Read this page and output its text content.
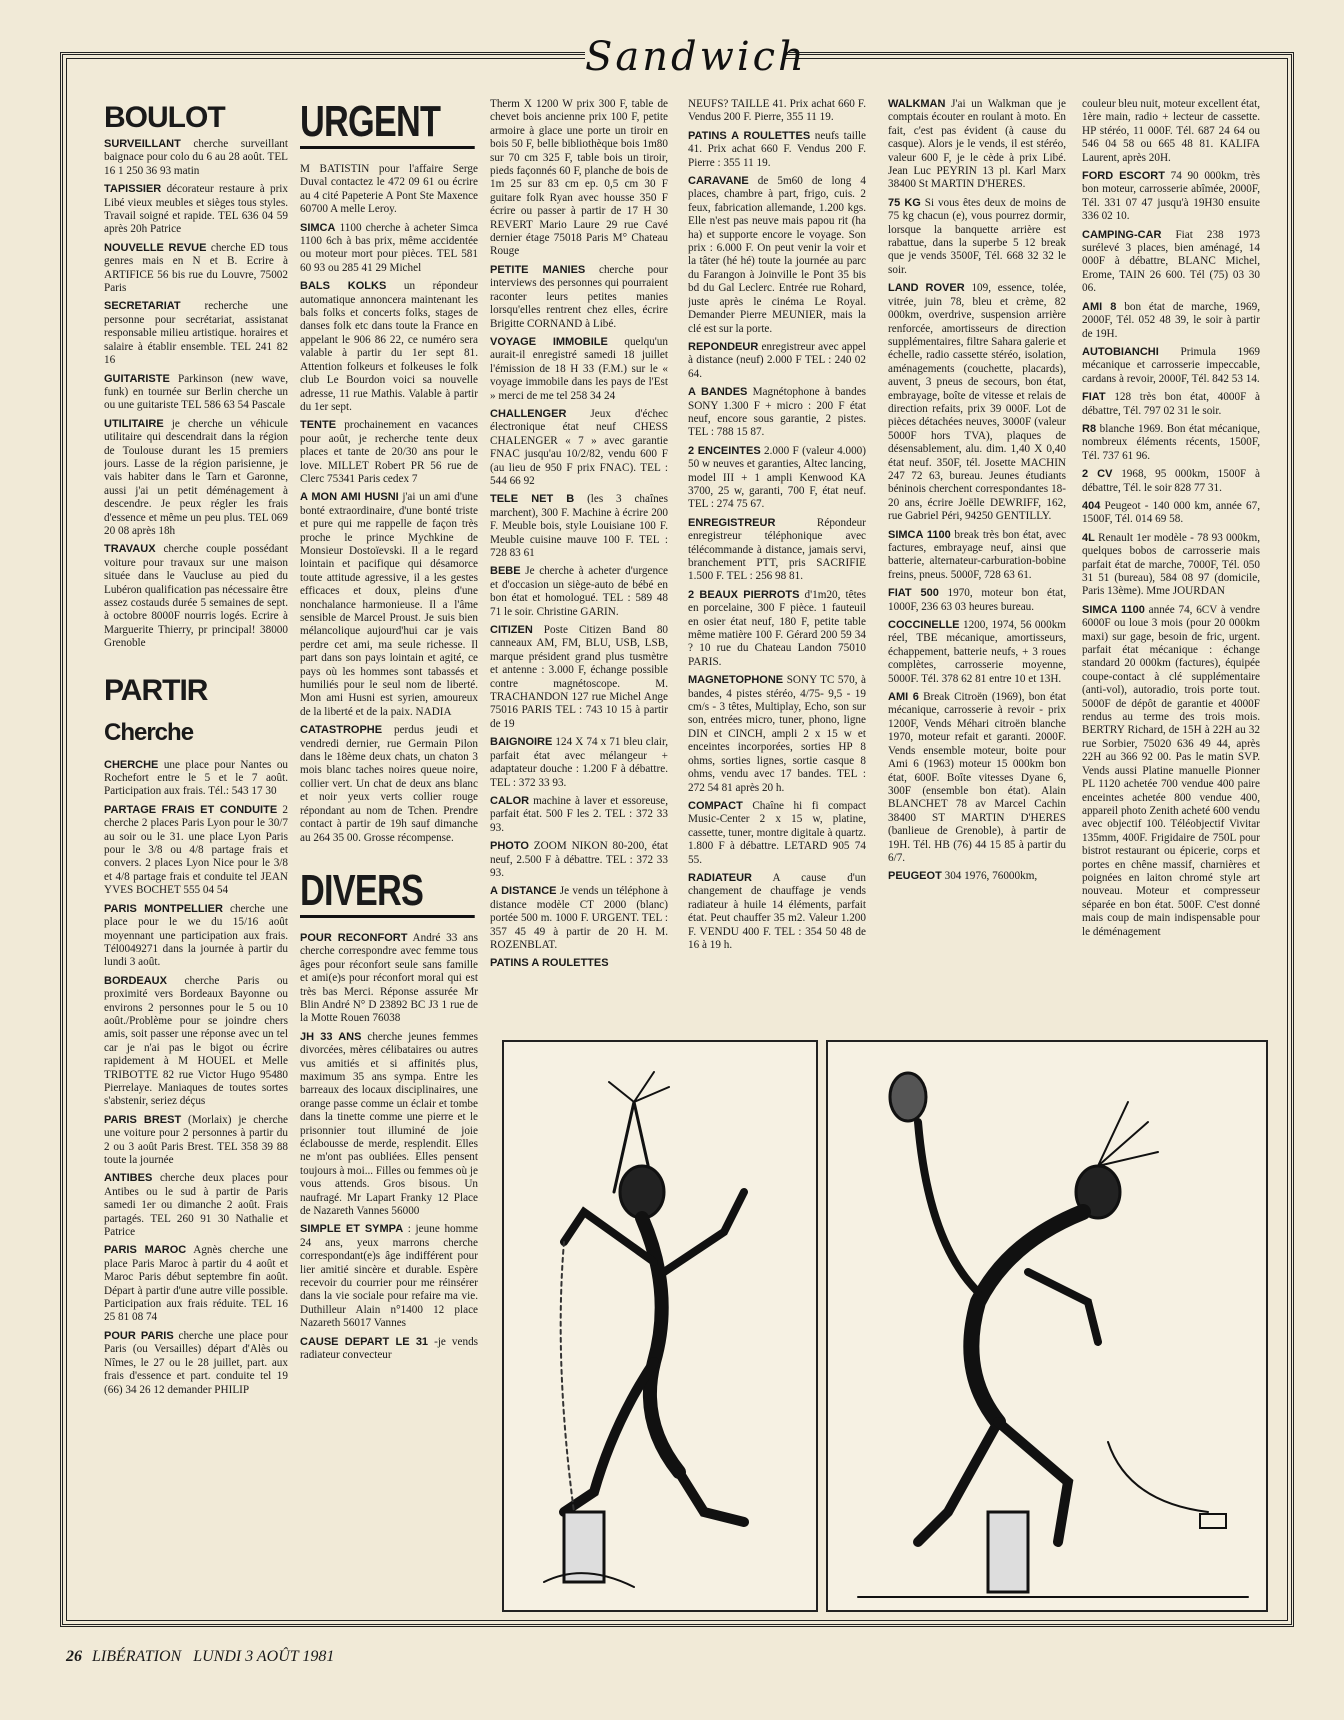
Sandwich
BOULOT

SURVEILLANT cherche surveillant baignace pour colo du 6 au 28 août. TEL 16 1 250 36 93 matin

TAPISSIER décorateur restaure à prix Libé vieux meubles et sièges tous styles. Travail soigné et rapide. TEL 636 04 59 après 20h Patrice

NOUVELLE REVUE cherche ED tous genres mais en N et B. Ecrire à ARTIFICE 56 bis rue du Louvre, 75002 Paris

SECRETARIAT recherche une personne pour secrétariat, assistanat responsable milieu artistique. horaires et salaire à établir ensemble. TEL 241 82 16

GUITARISTE Parkinson (new wave, funk) en tournée sur Berlin cherche un ou une guitariste TEL 586 63 54 Pascale

UTILITAIRE je cherche un véhicule utilitaire qui descendrait dans la région de Toulouse durant les 15 premiers jours. Lasse de la région parisienne, je vais habiter dans le Tarn et Garonne, aussi j'ai un petit déménagement à descendre. Je peux régler les frais d'essence et même un peu plus. TEL 069 20 08 après 18h

TRAVAUX cherche couple possédant voiture pour travaux sur une maison située dans le Vaucluse au pied du Lubéron qualification pas nécessaire être assez costauds durée 5 semaines de sept. à octobre 8000F nourris logés. Ecrire à Marguerite Thierry, pr principal! 38000 Grenoble

PARTIR
Cherche

CHERCHE une place pour Nantes ou Rochefort entre le 5 et le 7 août. Participation aux frais. Tél.: 543 17 30

PARTAGE FRAIS ET CONDUITE 2 cherche 2 places Paris Lyon pour le 30/7 au soir ou le 31. une place Lyon Paris pour le 3/8 ou 4/8 partage frais et convers. 2 places Lyon Nice pour le 3/8 et 4/8 partage frais et conduite tel JEAN YVES BOCHET 555 04 54

PARIS MONTPELLIER cherche une place pour le we du 15/16 août moyennant une participation aux frais. Tél0049271 dans la journée à partir du lundi 3 août.

BORDEAUX cherche Paris ou proximité vers Bordeaux Bayonne ou environs 2 personnes pour le 5 ou 10 août./Problème pour se joindre chers amis, soit passer une réponse avec un tel car je n'ai pas le bigot ou écrire rapidement à M HOUEL et Melle TRIBOTTE 82 rue Victor Hugo 95480 Pierrelaye. Maniaques de toutes sortes s'abstenir, seriez déçus

PARIS BREST (Morlaix) je cherche une voiture pour 2 personnes à partir du 2 ou 3 août Paris Brest. TEL 358 39 88 toute la journée

ANTIBES cherche deux places pour Antibes ou le sud à partir de Paris samedi 1er ou dimanche 2 août. Frais partagés. TEL 260 91 30 Nathalie et Patrice

PARIS MAROC Agnès cherche une place Paris Maroc à partir du 4 août et Maroc Paris début septembre fin août. Départ à partir d'une autre ville possible. Participation aux frais réduite. TEL 16 25 81 08 74

POUR PARIS cherche une place pour Paris (ou Versailles) départ d'Alès ou Nîmes, le 27 ou le 28 juillet, part. aux frais d'essence et part. conduite tel 19 (66) 34 26 12 demander PHILIP

URGENT

M BATISTIN pour l'affaire Serge Duval contactez le 472 09 61 ou écrire au 4 cité Papeterie A Pont Ste Maxence 60700 A melle Leroy.

SIMCA 1100 cherche à acheter Simca 1100 6ch à bas prix, même accidentée ou moteur mort pour pièces. TEL 581 60 93 ou 285 41 29 Michel

BALS KOLKS un répondeur automatique annoncera maintenant les bals folks et concerts folks, stages de danses folk etc dans toute la France en appelant le 906 86 22, ce numéro sera valable à partir du 1er sept 81. Attention folkeurs et folkeuses le folk club Le Bourdon voici sa nouvelle adresse, 11 rue Mathis. Valable à partir du 1er sept.

TENTE prochainement en vacances pour août, je recherche tente deux places et tante de 20/30 ans pour le love. MILLET Robert PR 56 rue de Clerc 75341 Paris cedex 7

A MON AMI HUSNI j'ai un ami d'une bonté extraordinaire, d'une bonté triste et pure qui me rappelle de façon très proche le prince Mychkine de Monsieur Dostoïevski. Il a le regard lointain et pacifique qui désamorce toute attitude agressive, il a les gestes efficaces et doux, pleins d'une nonchalance harmonieuse. Il a l'âme sensible de Marcel Proust. Je suis bien mélancolique aujourd'hui car je vais perdre cet ami, ma seule richesse. Il part dans son pays lointain et agité, ce pays où les hommes sont tabassés et humiliés pour le seul nom de liberté. Mon ami Husni est syrien, amoureux de la liberté et de la paix. NADIA

CATASTROPHE perdus jeudi et vendredi dernier, rue Germain Pilon dans le 18ème deux chats, un chaton 3 mois blanc taches noires queue noire, collier vert. Un chat de deux ans blanc et noir yeux verts collier rouge répondant au nom de Tchen. Prendre contact à partir de 19h sauf dimanche au 264 35 00. Grosse récompense.

DIVERS

POUR RECONFORT André 33 ans cherche correspondre avec femme tous âges pour réconfort seule sans famille et ami(e)s pour réconfort moral qui est très bas Merci. Réponse assurée Mr Blin André N° D 23892 BC J3 1 rue de la Motte Rouen 76038

JH 33 ANS cherche jeunes femmes divorcées, mères célibataires ou autres vus amitiés et si affinités plus, maximum 35 ans sympa. Entre les barreaux des locaux disciplinaires, une orange passe comme un éclair et tombe dans la tinette comme une pierre et le prisonnier tout illuminé de joie éclabousse de merde, resplendit. Elles ne m'ont pas oubliées. Elles pensent toujours à moi... Filles ou femmes où je vous attends. Gros bisous. Un naufragé. Mr Lapart Franky 12 Place de Nazareth Vannes 56000

SIMPLE ET SYMPA : jeune homme 24 ans, yeux marrons cherche correspondant(e)s âge indifférent pour lier amitié sincère et durable. Espère recevoir du courrier pour me réinsérer dans la vie sociale pour refaire ma vie. Duthilleur Alain n°1400 12 place Nazareth 56017 Vannes

CAUSE DEPART LE 31 -je vends radiateur convecteur

Therm X 1200 W prix 300 F, table de chevet bois ancienne prix 100 F, petite armoire à glace une porte un tiroir en bois 50 F, belle bibliothèque bois 1m80 sur 70 cm 325 F, table bois un tiroir, pieds façonnés 60 F, planche de bois de 1m 25 sur 83 cm ep. 0,5 cm 30 F guitare folk Ryan avec housse 350 F écrire ou passer à partir de 17 H 30 REVERT Mario Laure 29 rue Cavé dernier étage 75018 Paris M° Chateau Rouge

PETITE MANIES cherche pour interviews des personnes qui pourraient raconter leurs petites manies lorsqu'elles rentrent chez elles, écrire Brigitte CORNAND à Libé.

VOYAGE IMMOBILE quelqu'un aurait-il enregistré samedi 18 juillet l'émission de 18 H 33 (F.M.) sur le « voyage immobile dans les pays de l'Est » merci de me tel 258 34 24

CHALLENGER Jeux d'échec électronique état neuf CHESS CHALENGER « 7 » avec garantie FNAC jusqu'au 10/2/82, vendu 600 F (au lieu de 950 F prix FNAC). TEL : 544 66 92

TELE NET B (les 3 chaînes marchent), 300 F. Machine à écrire 200 F. Meuble bois, style Louisiane 100 F. Meuble cuisine mauve 100 F. TEL : 728 83 61

BEBE Je cherche à acheter d'urgence et d'occasion un siège-auto de bébé en bon état et homologué. TEL : 589 48 71 le soir. Christine GARIN.

CITIZEN Poste Citizen Band 80 canneaux AM, FM, BLU, USB, LSB, marque président grand plus tusmètre et antenne : 3.000 F, échange possible contre magnétoscope. M. TRACHANDON 127 rue Michel Ange 75016 PARIS TEL : 743 10 15 à partir de 19

BAIGNOIRE 124 X 74 x 71 bleu clair, parfait état avec mélangeur + adaptateur douche : 1.200 F à débattre. TEL : 372 33 93.

CALOR machine à laver et essoreuse, parfait état. 500 F les 2. TEL : 372 33 93.

PHOTO ZOOM NIKON 80-200, état neuf, 2.500 F à débattre. TEL : 372 33 93.

A DISTANCE Je vends un téléphone à distance modèle CT 2000 (blanc) portée 500 m. 1000 F. URGENT. TEL : 357 45 49 à partir de 20 H. M. ROZENBLAT.

PATINS A ROULETTES

NEUFS? TAILLE 41. Prix achat 660 F. Vendus 200 F. Pierre, 355 11 19.

PATINS A ROULETTES neufs taille 41. Prix achat 660 F. Vendus 200 F. Pierre : 355 11 19.

CARAVANE de 5m60 de long 4 places, chambre à part, frigo, cuis. 2 feux, fabrication allemande, 1.200 kgs. Elle n'est pas neuve mais papou rit (ha ha) et supporte encore le voyage. Son prix : 6.000 F. On peut venir la voir et la tâter (hé hé) toute la journée au parc du Farangon à Joinville le Pont 35 bis bd du Gal Leclerc. Entrée rue Rohard, juste après le cinéma Le Royal. Demander Pierre MEUNIER, mais la clé est sur la porte.

REPONDEUR enregistreur avec appel à distance (neuf) 2.000 F TEL : 240 02 64.

A BANDES Magnétophone à bandes SONY 1.300 F + micro : 200 F état neuf, encore sous garantie, 2 pistes. TEL : 788 15 87.

2 ENCEINTES 2.000 F (valeur 4.000) 50 w neuves et garanties, Altec lancing, model III + 1 ampli Kenwood KA 3700, 25 w, garanti, 700 F, état neuf. TEL : 274 75 67.

ENREGISTREUR	Répondeur enregistreur téléphonique avec télécommande à distance, jamais servi, branchement PTT, pris SACRIFIE 1.500 F. TEL : 256 98 81.

2 BEAUX PIERROTS d'1m20, têtes en porcelaine, 300 F pièce. 1 fauteuil en osier état neuf, 180 F, petite table même matière 100 F. Gérard 200 59 34 ? 10 rue du Chateau Landon 75010 PARIS.

MAGNETOPHONE SONY TC 570, à bandes, 4 pistes stéréo, 4/75- 9,5 - 19 cm/s - 3 têtes, Multiplay, Echo, son sur son, entrées micro, tuner, phono, ligne DIN et CINCH, ampli 2 x 15 w et enceintes incorporées, sorties HP 8 ohms, sorties lignes, sortie casque 8 ohms, vendu avec 17 bandes. TEL : 272 54 81 après 20 h.

COMPACT Chaîne hi fi compact Music-Center 2 x 15 w, platine, cassette, tuner, montre digitale à quartz. 1.800 F à débattre. LETARD 905 74 55.

RADIATEUR A cause d'un changement de chauffage je vends radiateur à huile 14 éléments, parfait état. Peut chauffer 35 m2. Valeur 1.200 F. VENDU 400 F. TEL : 354 50 48 de 16 à 19 h.

WALKMAN J'ai un Walkman que je comptais écouter en roulant à moto. En fait, c'est pas évident (à cause du casque). Alors je le vends, il est stéréo, valeur 600 F, je le cède à prix Libé. Jean Luc PEYRIN 13 pl. Karl Marx 38400 St MARTIN D'HERES.

75 KG Si vous êtes deux de moins de 75 kg chacun (e), vous pourrez dormir, lorsque la banquette arrière est rabattue, dans la superbe 5 12 break que je vends 3500F, Tél. 668 32 32 le soir.

LAND ROVER 109, essence, tolée, vitrée, juin 78, bleu et crème, 82 000km, overdrive, suspension arrière renforcée, amortisseurs de direction supplémentaires, filtre Sahara galerie et échelle, radio cassette stéréo, isolation, aménagements (couchette, placards), auvent, 3 pneus de secours, bon état, embrayage, boîte de vitesse et relais de direction refaits, prix 39 000F. Lot de pièces détachées neuves, 3000F (valeur 5000F hors TVA), plaques de désensablement, alu. dim. 1,40 X 0,40 état neuf. 350F, tél. Josette MACHIN 247 72 63, bureau. Jeunes étudiants béninois cherchent correspondantes 18-20 ans, écrire Joëlle DEWRIFF, 162, rue Gabriel Péri, 94250 GENTILLY.

SIMCA 1100 break très bon état, avec factures, embrayage neuf, ainsi que batterie, alternateur-carburation-bobine freins, pneus. 5000F, 728 63 61.

FIAT 500 1970, moteur bon état, 1000F, 236 63 03 heures bureau.

COCCINELLE 1200, 1974, 56 000km réel, TBE mécanique, amortisseurs, échappement, batterie neufs, + 3 roues complètes, carrosserie moyenne, 5000F. Tél. 378 62 81 entre 10 et 13H.

AMI 6 Break Citroën (1969), bon état mécanique, carrosserie à revoir - prix 1200F, Vends Méhari citroën blanche 1970, moteur refait et garanti. 2000F. Vends ensemble moteur, boite pour Ami 6 (1963) moteur 15 000km bon état, 600F. Boîte vitesses Dyane 6, 300F (ensemble bon état). Alain BLANCHET 78 av Marcel Cachin 38400 ST MARTIN D'HERES (banlieue de Grenoble), à partir de 19H. Tél. HB (76) 44 15 85 à partir du 6/7.

PEUGEOT 304 1976, 76000km,

couleur bleu nuit, moteur excellent état, 1ère main, radio + lecteur de cassette. HP stéréo, 11 000F. Tél. 687 24 64 ou 546 04 58 ou 665 48 81. KALIFA Laurent, après 20H.

FORD ESCORT 74 90 000km, très bon moteur, carrosserie abîmée, 2000F, Tél. 331 07 47 jusqu'à 19H30 ensuite 336 02 10.

CAMPING-CAR Fiat 238 1973 surélevé 3 places, bien aménagé, 14 000F à débattre, BLANC Michel, Erome, TAIN 26 600. Tél (75) 03 30 06.

AMI 8 bon état de marche, 1969, 2000F, Tél. 052 48 39, le soir à partir de 19H.

AUTOBIANCHI Primula 1969 mécanique et carrosserie impeccable, cardans à revoir, 2000F, Tél. 842 53 14.

FIAT 128 très bon état, 4000F à débattre, Tél. 797 02 31 le soir.

R8 blanche 1969. Bon état mécanique, nombreux éléments récents, 1500F, Tél. 737 61 96.

2 CV 1968, 95 000km, 1500F à débattre, Tél. le soir 828 77 31.

404 Peugeot - 140 000 km, année 67, 1500F, Tél. 014 69 58.

4L Renault 1er modèle - 78 93 000km, quelques bobos de carrosserie mais parfait état de marche, 7000F, Tél. 050 31 51 (bureau), 584 08 97 (domicile, Paris 13ème). Mme JOURDAN

SIMCA 1100 année 74, 6CV à vendre 6000F ou loue 3 mois (pour 20 000km maxi) sur gage, besoin de fric, urgent. parfait état mécanique : échange standard 20 000km (factures), équipée coupe-contact à clé supplémentaire (anti-vol), autoradio, trois porte tout. 5000F de dépôt de garantie et 4000F rendus au terme des trois mois. BERTRY Richard, de 15H à 22H au 32 rue Sorbier, 75020 636 49 44, après 22H au 366 92 00. Pas le matin SVP. Vends aussi Platine manuelle Pionner PL 1120 achetée 700 vendue 400 paire enceintes achetée 800 vendue 400, appareil photo Zenith acheté 600 vendu avec objectif 100. Téléobjectif Vivitar 135mm, 400F. Frigidaire de 750L pour bistrot restaurant ou épicerie, corps et portes en chêne massif, charnières et poignées en laiton chromé style art nouveau. Moteur et compresseur séparée en bon état. 500F. C'est donné mais coup de main indispensable pour le déménagement

26 LIBÉRATION LUNDI 3 AOÛT 1981
